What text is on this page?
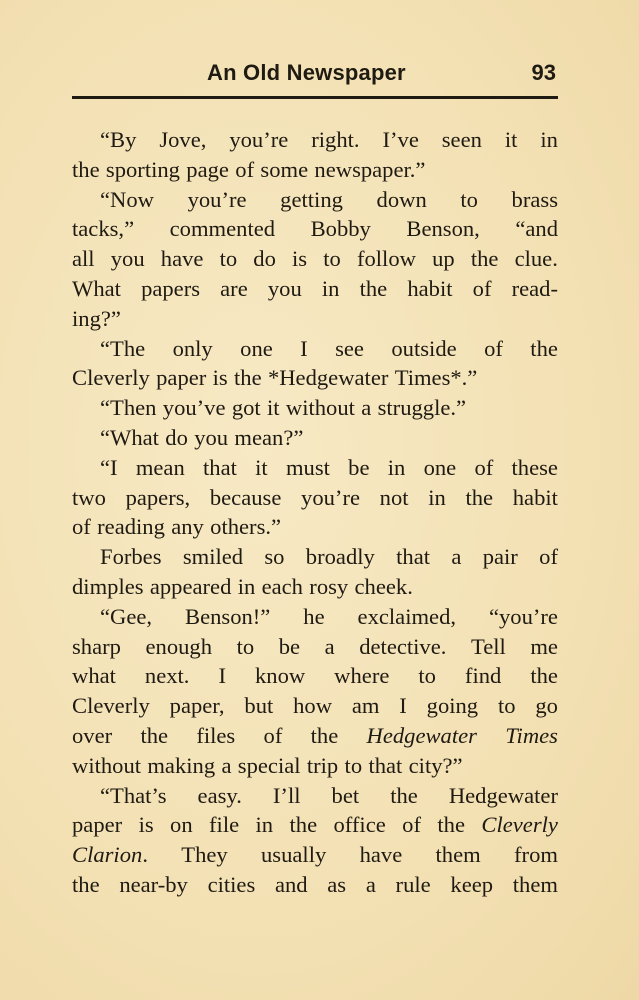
An Old Newspaper	93
“By Jove, you’re right. I’ve seen it in
the sporting page of some newspaper.”
“Now you’re getting down to brass
tacks,” commented Bobby Benson, “and
all you have to do is to follow up the clue.
What papers are you in the habit of read-
ing?”
“The only one I see outside of the
Cleverly paper is the *Hedgewater Times*.”
“Then you’ve got it without a struggle.”
“What do you mean?”
“I mean that it must be in one of these
two papers, because you’re not in the habit
of reading any others.”
Forbes smiled so broadly that a pair of
dimples appeared in each rosy cheek.
“Gee, Benson!” he exclaimed, “you’re
sharp enough to be a detective. Tell me
what next. I know where to find the
Cleverly paper, but how am I going to go
over the files of the Hedgewater Times
without making a special trip to that city?”
“That’s easy. I’ll bet the Hedgewater
paper is on file in the office of the Cleverly
Clarion. They usually have them from
the near-by cities and as a rule keep them
